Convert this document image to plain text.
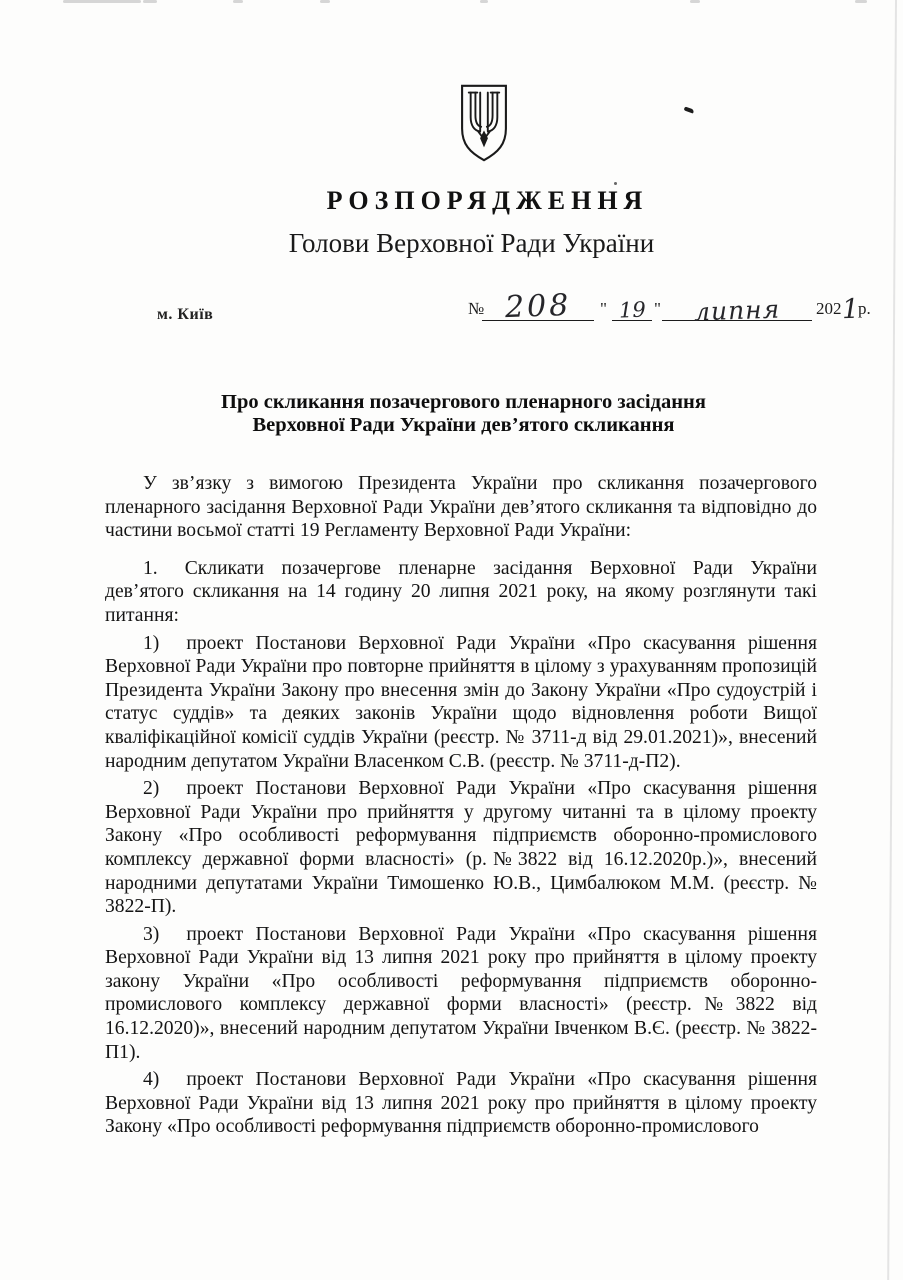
РОЗПОРЯДЖЕННЯ
Голови Верховної Ради України
м. Київ	№ 208 " 19 " липня 202 1
р.
Про скликання позачергового пленарного засідання
Верховної Ради України дев’ятого скликання

У зв’язку з вимогою Президента України про скликання позачергового пленарного засідання Верховної Ради України дев’ятого скликання та відповідно до частини восьмої статті 19 Регламенту Верховної Ради України:

1. Скликати позачергове пленарне засідання Верховної Ради України дев’ятого скликання на 14 годину 20 липня 2021 року, на якому розглянути такі питання:

1) проект Постанови Верховної Ради України «Про скасування рішення Верховної Ради України про повторне прийняття в цілому з урахуванням пропозицій Президента України Закону про внесення змін до Закону України «Про судоустрій і статус суддів» та деяких законів України щодо відновлення роботи Вищої кваліфікаційної комісії суддів України (реєстр. № 3711-д від 29.01.2021)», внесений народним депутатом України Власенком С.В. (реєстр. № 3711-д-П2).

2) проект Постанови Верховної Ради України «Про скасування рішення Верховної Ради України про прийняття у другому читанні та в цілому проекту Закону «Про особливості реформування підприємств оборонно-промислового комплексу державної форми власності» (р.№3822 від 16.12.2020р.)», внесений народними депутатами України Тимошенко Ю.В., Цимбалюком М.М. (реєстр. № 3822-П).

3) проект Постанови Верховної Ради України «Про скасування рішення Верховної Ради України від 13 липня 2021 року про прийняття в цілому проекту закону України «Про особливості реформування підприємств оборонно-промислового комплексу державної форми власності» (реєстр.№3822 від 16.12.2020)», внесений народним депутатом України Івченком В.Є. (реєстр. № 3822-П1).

4) проект Постанови Верховної Ради України «Про скасування рішення Верховної Ради України від 13 липня 2021 року про прийняття в цілому проекту Закону «Про особливості реформування підприємств оборонно-промислового
